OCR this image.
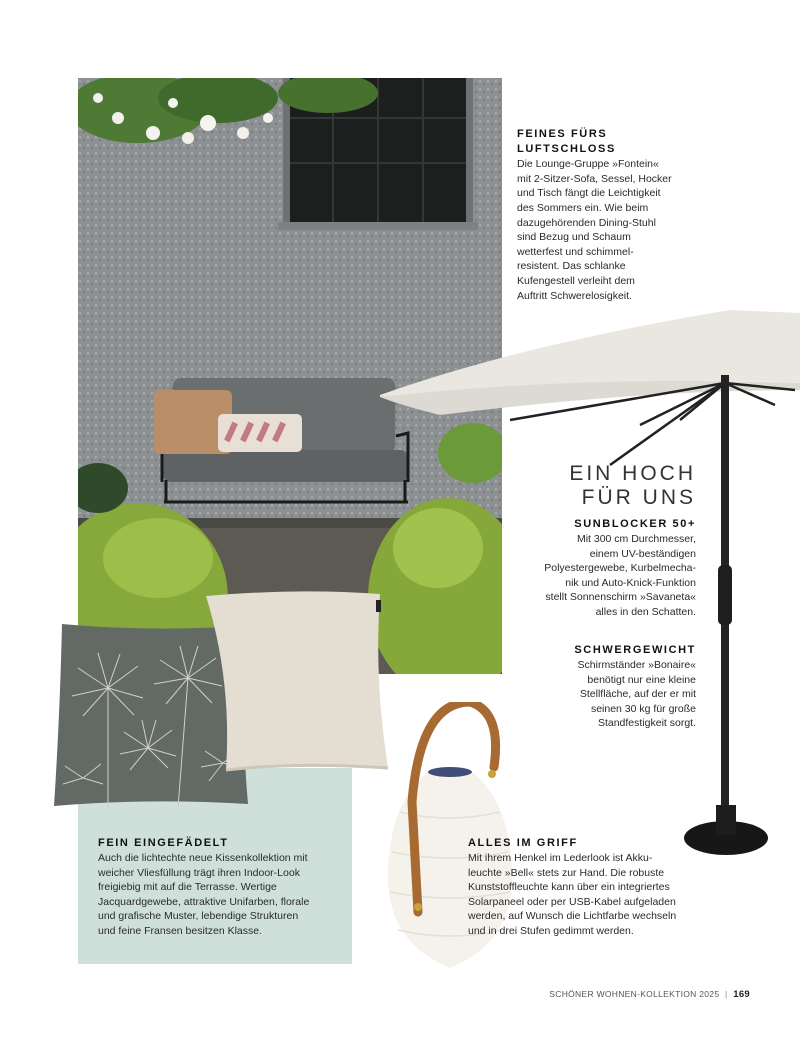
FEINES FÜRS
LUFTSCHLOSS
Die Lounge-Gruppe »Fontein«
mit 2-Sitzer-Sofa, Sessel, Hocker
und Tisch fängt die Leichtigkeit
des Sommers ein. Wie beim
dazugehörenden Dining-Stuhl
sind Bezug und Schaum
wetterfest und schimmel-
resistent. Das schlanke
Kufengestell verleiht dem
Auftritt Schwerelosigkeit.
EIN HOCH
FÜR UNS
SUNBLOCKER 50+
Mit 300 cm Durchmesser,
einem UV-beständigen
Polyestergewebe, Kurbelmecha-
nik und Auto-Knick-Funktion
stellt Sonnenschirm »Savaneta«
alles in den Schatten.
SCHWERGEWICHT
Schirmständer »Bonaire«
benötigt nur eine kleine
Stellfläche, auf der er mit
seinen 30 kg für große
Standfestigkeit sorgt.
FEIN EINGEFÄDELT
Auch die lichtechte neue Kissenkollektion mit
weicher Vliesfüllung trägt ihren Indoor-Look
freigiebig mit auf die Terrasse. Wertige
Jacquardgewebe, attraktive Unifarben, florale
und grafische Muster, lebendige Strukturen
und feine Fransen besitzen Klasse.
ALLES IM GRIFF
Mit ihrem Henkel im Lederlook ist Akku-
leuchte »Bell« stets zur Hand. Die robuste
Kunststoffleuchte kann über ein integriertes
Solarpaneel oder per USB-Kabel aufgeladen
werden, auf Wunsch die Lichtfarbe wechseln
und in drei Stufen gedimmt werden.
SCHÖNER WOHNEN-KOLLEKTION 2025 | 169
